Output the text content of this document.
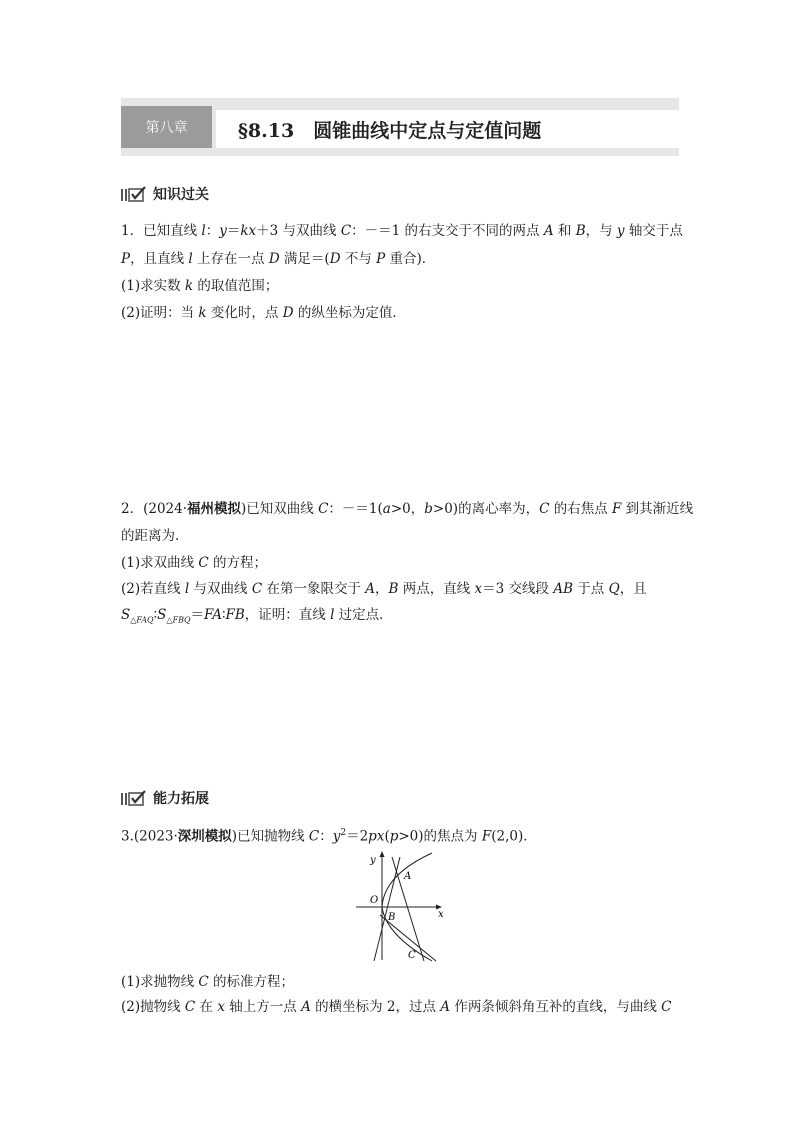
第八章	§8.13　圆锥曲线中定点与定值问题
知识过关
1．已知直线 l：y＝kx＋3 与双曲线 C：－＝1 的右支交于不同的两点 A 和 B，与 y 轴交于点
P，且直线 l 上存在一点 D 满足＝(D 不与 P 重合)．
(1)求实数 k 的取值范围；
(2)证明：当 k 变化时，点 D 的纵坐标为定值．
2．(2024·福州模拟)已知双曲线 C：－＝1(a>0，b>0)的离心率为，C 的右焦点 F 到其渐近线
的距离为.
(1)求双曲线 C 的方程；
(2)若直线 l 与双曲线 C 在第一象限交于 A，B 两点，直线 x＝3 交线段 AB 于点 Q，且
$S_{\triangle FAQ}∶S_{\triangle FBQ}=FA∶FB$，证明：直线 l 过定点．
能力拓展
3.(2023·深圳模拟)已知抛物线 C：$y^2=2px(p>0)$的焦点为 F(2,0)．
y
x
O
A
B
C
(1)求抛物线 C 的标准方程；
(2)抛物线 C 在 x 轴上方一点 A 的横坐标为 2，过点 A 作两条倾斜角互补的直线，与曲线 C
